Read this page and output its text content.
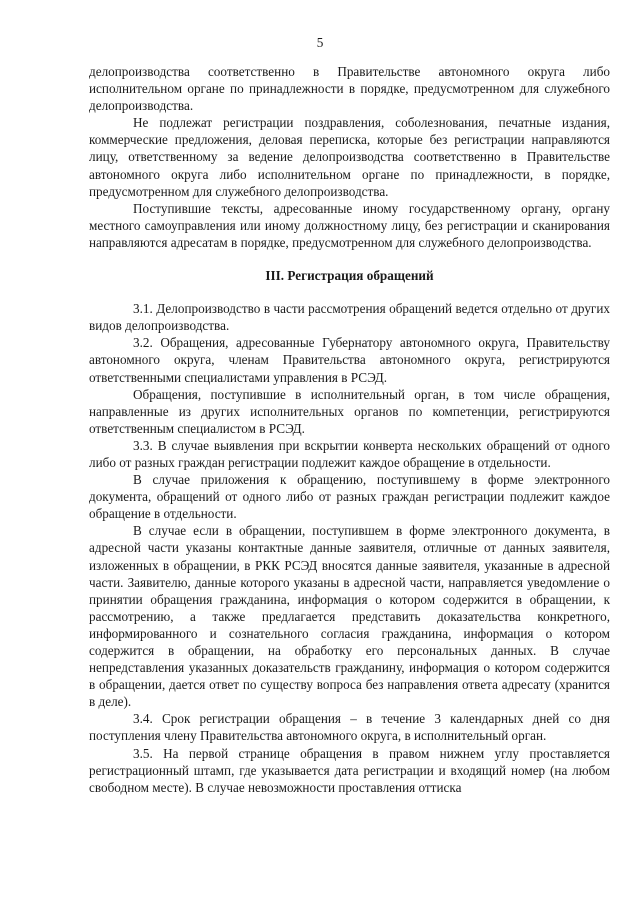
5

делопроизводства соответственно в Правительстве автономного округа либо исполнительном органе по принадлежности в порядке, предусмотренном для служебного делопроизводства.

Не подлежат регистрации поздравления, соболезнования, печатные издания, коммерческие предложения, деловая переписка, которые без регистрации направляются лицу, ответственному за ведение делопроизводства соответственно в Правительстве автономного округа либо исполнительном органе по принадлежности, в порядке, предусмотренном для служебного делопроизводства.

Поступившие тексты, адресованные иному государственному органу, органу местного самоуправления или иному должностному лицу, без регистрации и сканирования направляются адресатам в порядке, предусмотренном для служебного делопроизводства.

III. Регистрация обращений

3.1. Делопроизводство в части рассмотрения обращений ведется отдельно от других видов делопроизводства.

3.2. Обращения, адресованные Губернатору автономного округа, Правительству автономного округа, членам Правительства автономного округа, регистрируются ответственными специалистами управления в РСЭД.

Обращения, поступившие в исполнительный орган, в том числе обращения, направленные из других исполнительных органов по компетенции, регистрируются ответственным специалистом в РСЭД.

3.3. В случае выявления при вскрытии конверта нескольких обращений от одного либо от разных граждан регистрации подлежит каждое обращение в отдельности.

В случае приложения к обращению, поступившему в форме электронного документа, обращений от одного либо от разных граждан регистрации подлежит каждое обращение в отдельности.

В случае если в обращении, поступившем в форме электронного документа, в адресной части указаны контактные данные заявителя, отличные от данных заявителя, изложенных в обращении, в РКК РСЭД вносятся данные заявителя, указанные в адресной части. Заявителю, данные которого указаны в адресной части, направляется уведомление о принятии обращения гражданина, информация о котором содержится в обращении, к рассмотрению, а также предлагается представить доказательства конкретного, информированного и сознательного согласия гражданина, информация о котором содержится в обращении, на обработку его персональных данных. В случае непредставления указанных доказательств гражданину, информация о котором содержится в обращении, дается ответ по существу вопроса без направления ответа адресату (хранится в деле).

3.4. Срок регистрации обращения – в течение 3 календарных дней со дня поступления члену Правительства автономного округа, в исполнительный орган.

3.5. На первой странице обращения в правом нижнем углу проставляется регистрационный штамп, где указывается дата регистрации и входящий номер (на любом свободном месте). В случае невозможности проставления оттиска
